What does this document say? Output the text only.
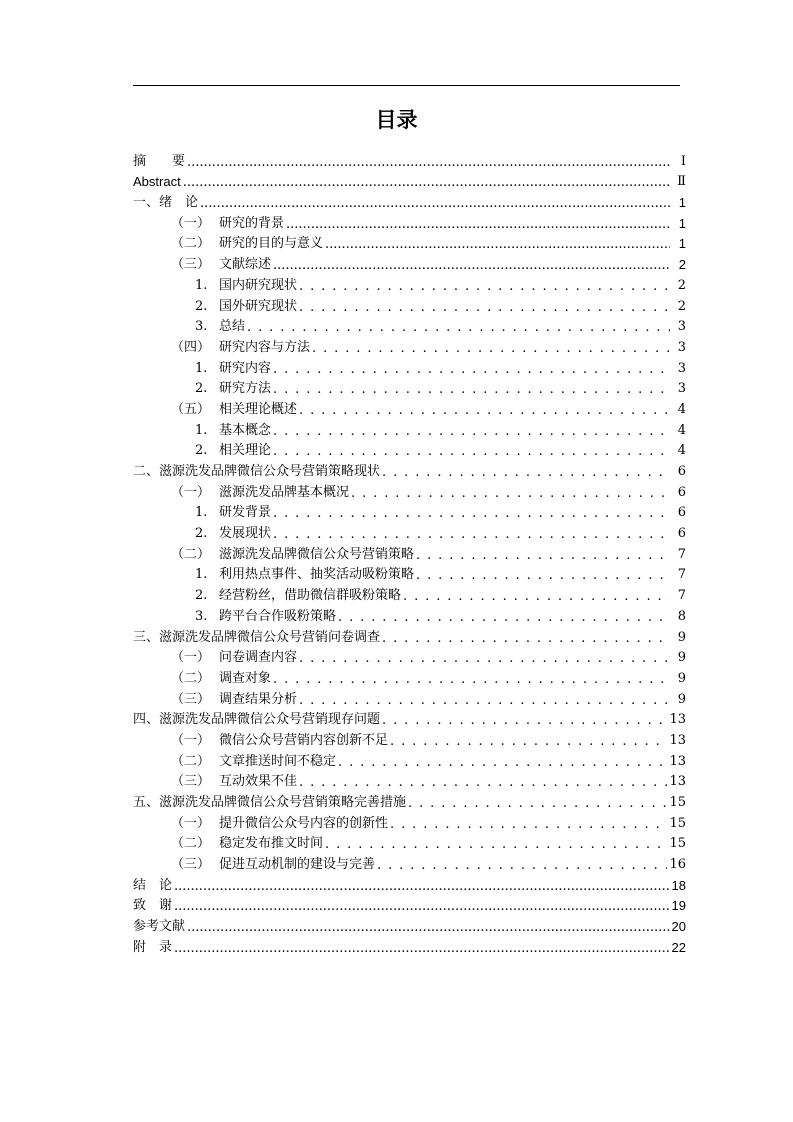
目录
摘　　要 .....	Ⅰ
Abstract .....	Ⅱ
一、 绪　论 .....	1
（一） 研究的背景 .....	1
（二） 研究的目的与意义 .....	1
（三） 文献综述 .....	2
1. 国内研究现状 . . .	2
2. 国外研究现状 . . .	2
3. 总结 . . .	3
（四） 研究内容与方法 . . .	3
1. 研究内容 . . .	3
2. 研究方法 . . .	3
（五） 相关理论概述 . . .	4
1. 基本概念 . . .	4
2. 相关理论 . . .	4
二、 滋源洗发品牌微信公众号营销策略现状 . . .	6
（一） 滋源洗发品牌基本概况 . . .	6
1. 研发背景 . . .	6
2. 发展现状 . . .	6
（二） 滋源洗发品牌微信公众号营销策略 . . .	7
1. 利用热点事件、抽奖活动吸粉策略 . . .	7
2. 经营粉丝，借助微信群吸粉策略 . . .	7
3. 跨平台合作吸粉策略 . . .	8
三、 滋源洗发品牌微信公众号营销问卷调查 . . .	9
（一） 问卷调查内容 . . .	9
（二） 调查对象 . . .	9
（三） 调查结果分析 . . .	9
四、 滋源洗发品牌微信公众号营销现存问题 . . .	13
（一） 微信公众号营销内容创新不足 . . .	13
（二） 文章推送时间不稳定 . . .	13
（三） 互动效果不佳 . . .	13
五、 滋源洗发品牌微信公众号营销策略完善措施 . . .	15
（一） 提升微信公众号内容的创新性 . . .	15
（二） 稳定发布推文时间 . . .	15
（三） 促进互动机制的建设与完善 . . .	16
结　论 .....	18
致　谢 .....	19
参考文献 .....	20
附　录 .....	22
